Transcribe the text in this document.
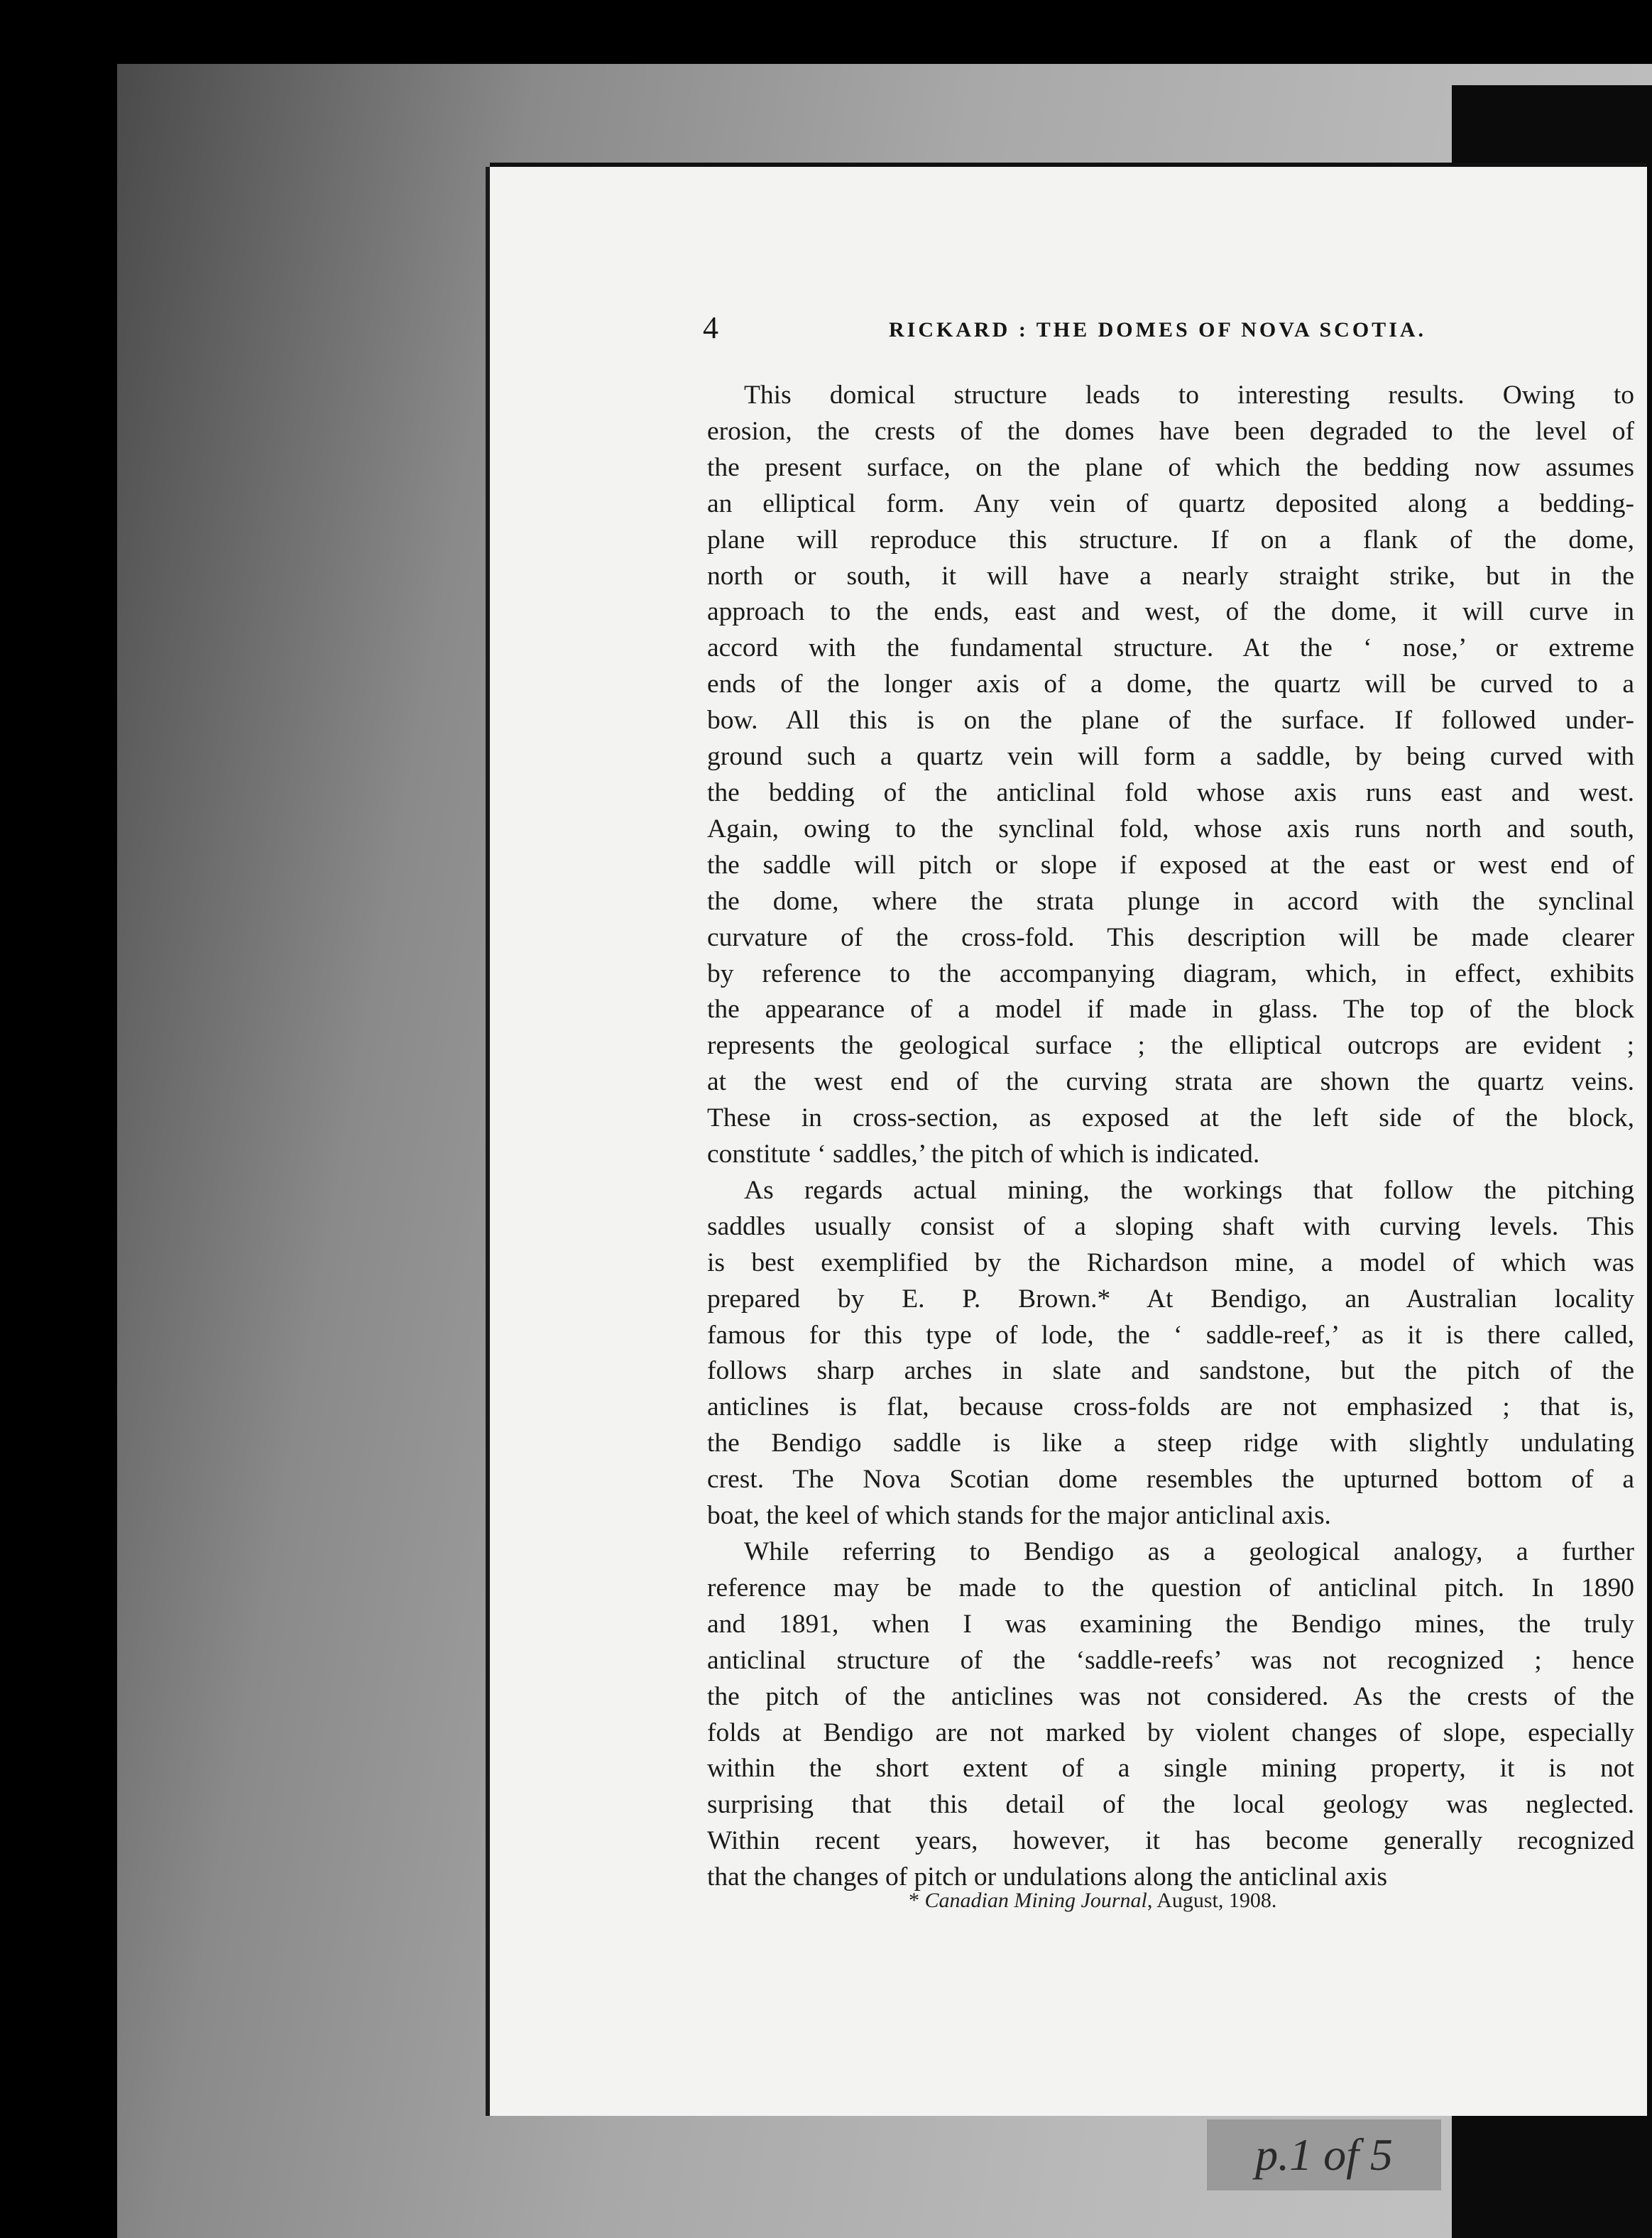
4	RICKARD : THE DOMES OF NOVA SCOTIA.
This domical structure leads to interesting results. Owing to
erosion, the crests of the domes have been degraded to the level of
the present surface, on the plane of which the bedding now assumes
an elliptical form. Any vein of quartz deposited along a bedding-
plane will reproduce this structure. If on a flank of the dome,
north or south, it will have a nearly straight strike, but in the
approach to the ends, east and west, of the dome, it will curve in
accord with the fundamental structure. At the ‘ nose,’ or extreme
ends of the longer axis of a dome, the quartz will be curved to a
bow. All this is on the plane of the surface. If followed under-
ground such a quartz vein will form a saddle, by being curved with
the bedding of the anticlinal fold whose axis runs east and west.
Again, owing to the synclinal fold, whose axis runs north and south,
the saddle will pitch or slope if exposed at the east or west end of
the dome, where the strata plunge in accord with the synclinal
curvature of the cross-fold. This description will be made clearer
by reference to the accompanying diagram, which, in effect, exhibits
the appearance of a model if made in glass. The top of the block
represents the geological surface ; the elliptical outcrops are evident ;
at the west end of the curving strata are shown the quartz veins.
These in cross-section, as exposed at the left side of the block,
constitute ‘ saddles,’ the pitch of which is indicated.
As regards actual mining, the workings that follow the pitching
saddles usually consist of a sloping shaft with curving levels. This
is best exemplified by the Richardson mine, a model of which was
prepared by E. P. Brown.* At Bendigo, an Australian locality
famous for this type of lode, the ‘ saddle-reef,’ as it is there called,
follows sharp arches in slate and sandstone, but the pitch of the
anticlines is flat, because cross-folds are not emphasized ; that is,
the Bendigo saddle is like a steep ridge with slightly undulating
crest. The Nova Scotian dome resembles the upturned bottom of a
boat, the keel of which stands for the major anticlinal axis.
While referring to Bendigo as a geological analogy, a further
reference may be made to the question of anticlinal pitch. In 1890
and 1891, when I was examining the Bendigo mines, the truly
anticlinal structure of the ‘saddle-reefs’ was not recognized ; hence
the pitch of the anticlines was not considered. As the crests of the
folds at Bendigo are not marked by violent changes of slope, especially
within the short extent of a single mining property, it is not
surprising that this detail of the local geology was neglected.
Within recent years, however, it has become generally recognized
that the changes of pitch or undulations along the anticlinal axis
* Canadian Mining Journal, August, 1908.
p.1 of 5
